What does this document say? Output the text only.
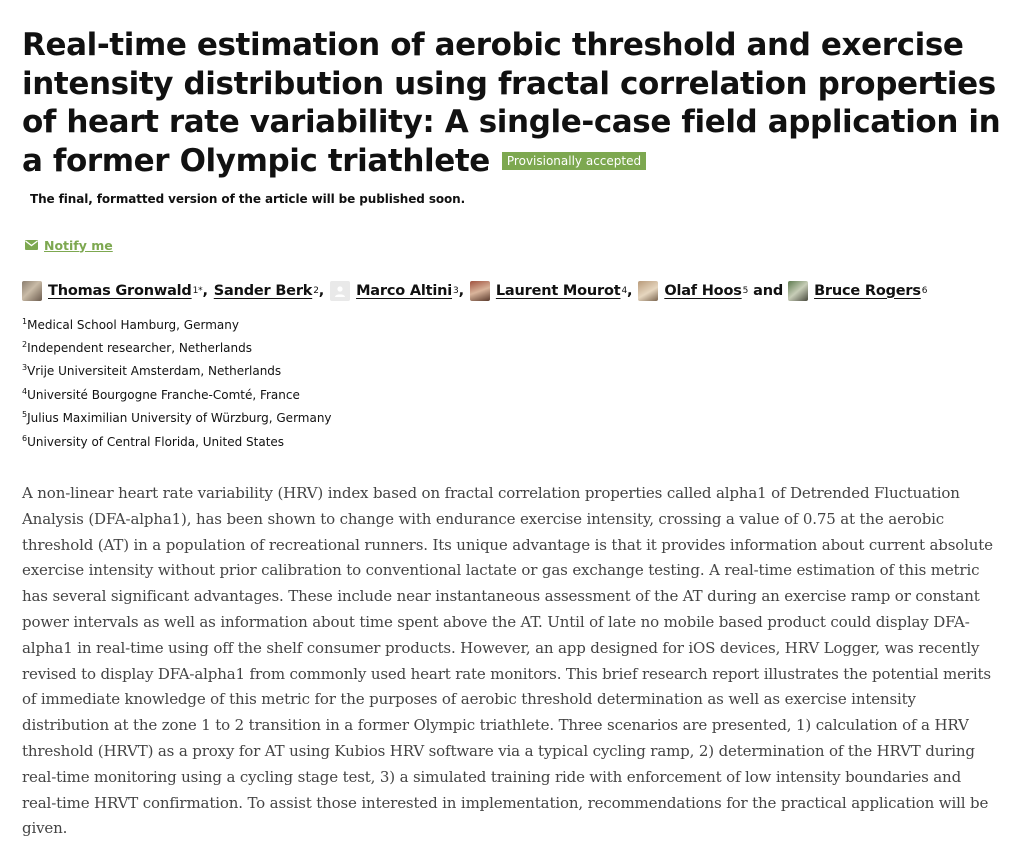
Real-time estimation of aerobic threshold and exercise intensity distribution using fractal correlation properties of heart rate variability: A single-case field application in a former Olympic triathlete Provisionally acceptedThe final, formatted version of the article will be published soon.
Notify me
Thomas Gronwald 1* , Sander Berk 2 , Marco Altini 3 , Laurent Mourot 4 , Olaf Hoos 5 and Bruce Rogers 6
$^1$Medical School Hamburg, Germany
$^2$Independent researcher, Netherlands
$^3$Vrije Universiteit Amsterdam, Netherlands
$^4$Université Bourgogne Franche-Comté, France
$^5$Julius Maximilian University of Würzburg, Germany
$^6$University of Central Florida, United States

A non-linear heart rate variability (HRV) index based on fractal correlation properties called alpha1 of Detrended Fluctuation Analysis (DFA-alpha1), has been shown to change with endurance exercise intensity, crossing a value of 0.75 at the aerobic threshold (AT) in a population of recreational runners. Its unique advantage is that it provides information about current absolute exercise intensity without prior calibration to conventional lactate or gas exchange testing. A real-time estimation of this metric has several significant advantages. These include near instantaneous assessment of the AT during an exercise ramp or constant power intervals as well as information about time spent above the AT. Until of late no mobile based product could display DFA-alpha1 in real-time using off the shelf consumer products. However, an app designed for iOS devices, HRV Logger, was recently revised to display DFA-alpha1 from commonly used heart rate monitors. This brief research report illustrates the potential merits of immediate knowledge of this metric for the purposes of aerobic threshold determination as well as exercise intensity distribution at the zone 1 to 2 transition in a former Olympic triathlete. Three scenarios are presented, 1) calculation of a HRV threshold (HRVT) as a proxy for AT using Kubios HRV software via a typical cycling ramp, 2) determination of the HRVT during real-time monitoring using a cycling stage test, 3) a simulated training ride with enforcement of low intensity boundaries and real-time HRVT confirmation. To assist those interested in implementation, recommendations for the practical application will be given.
